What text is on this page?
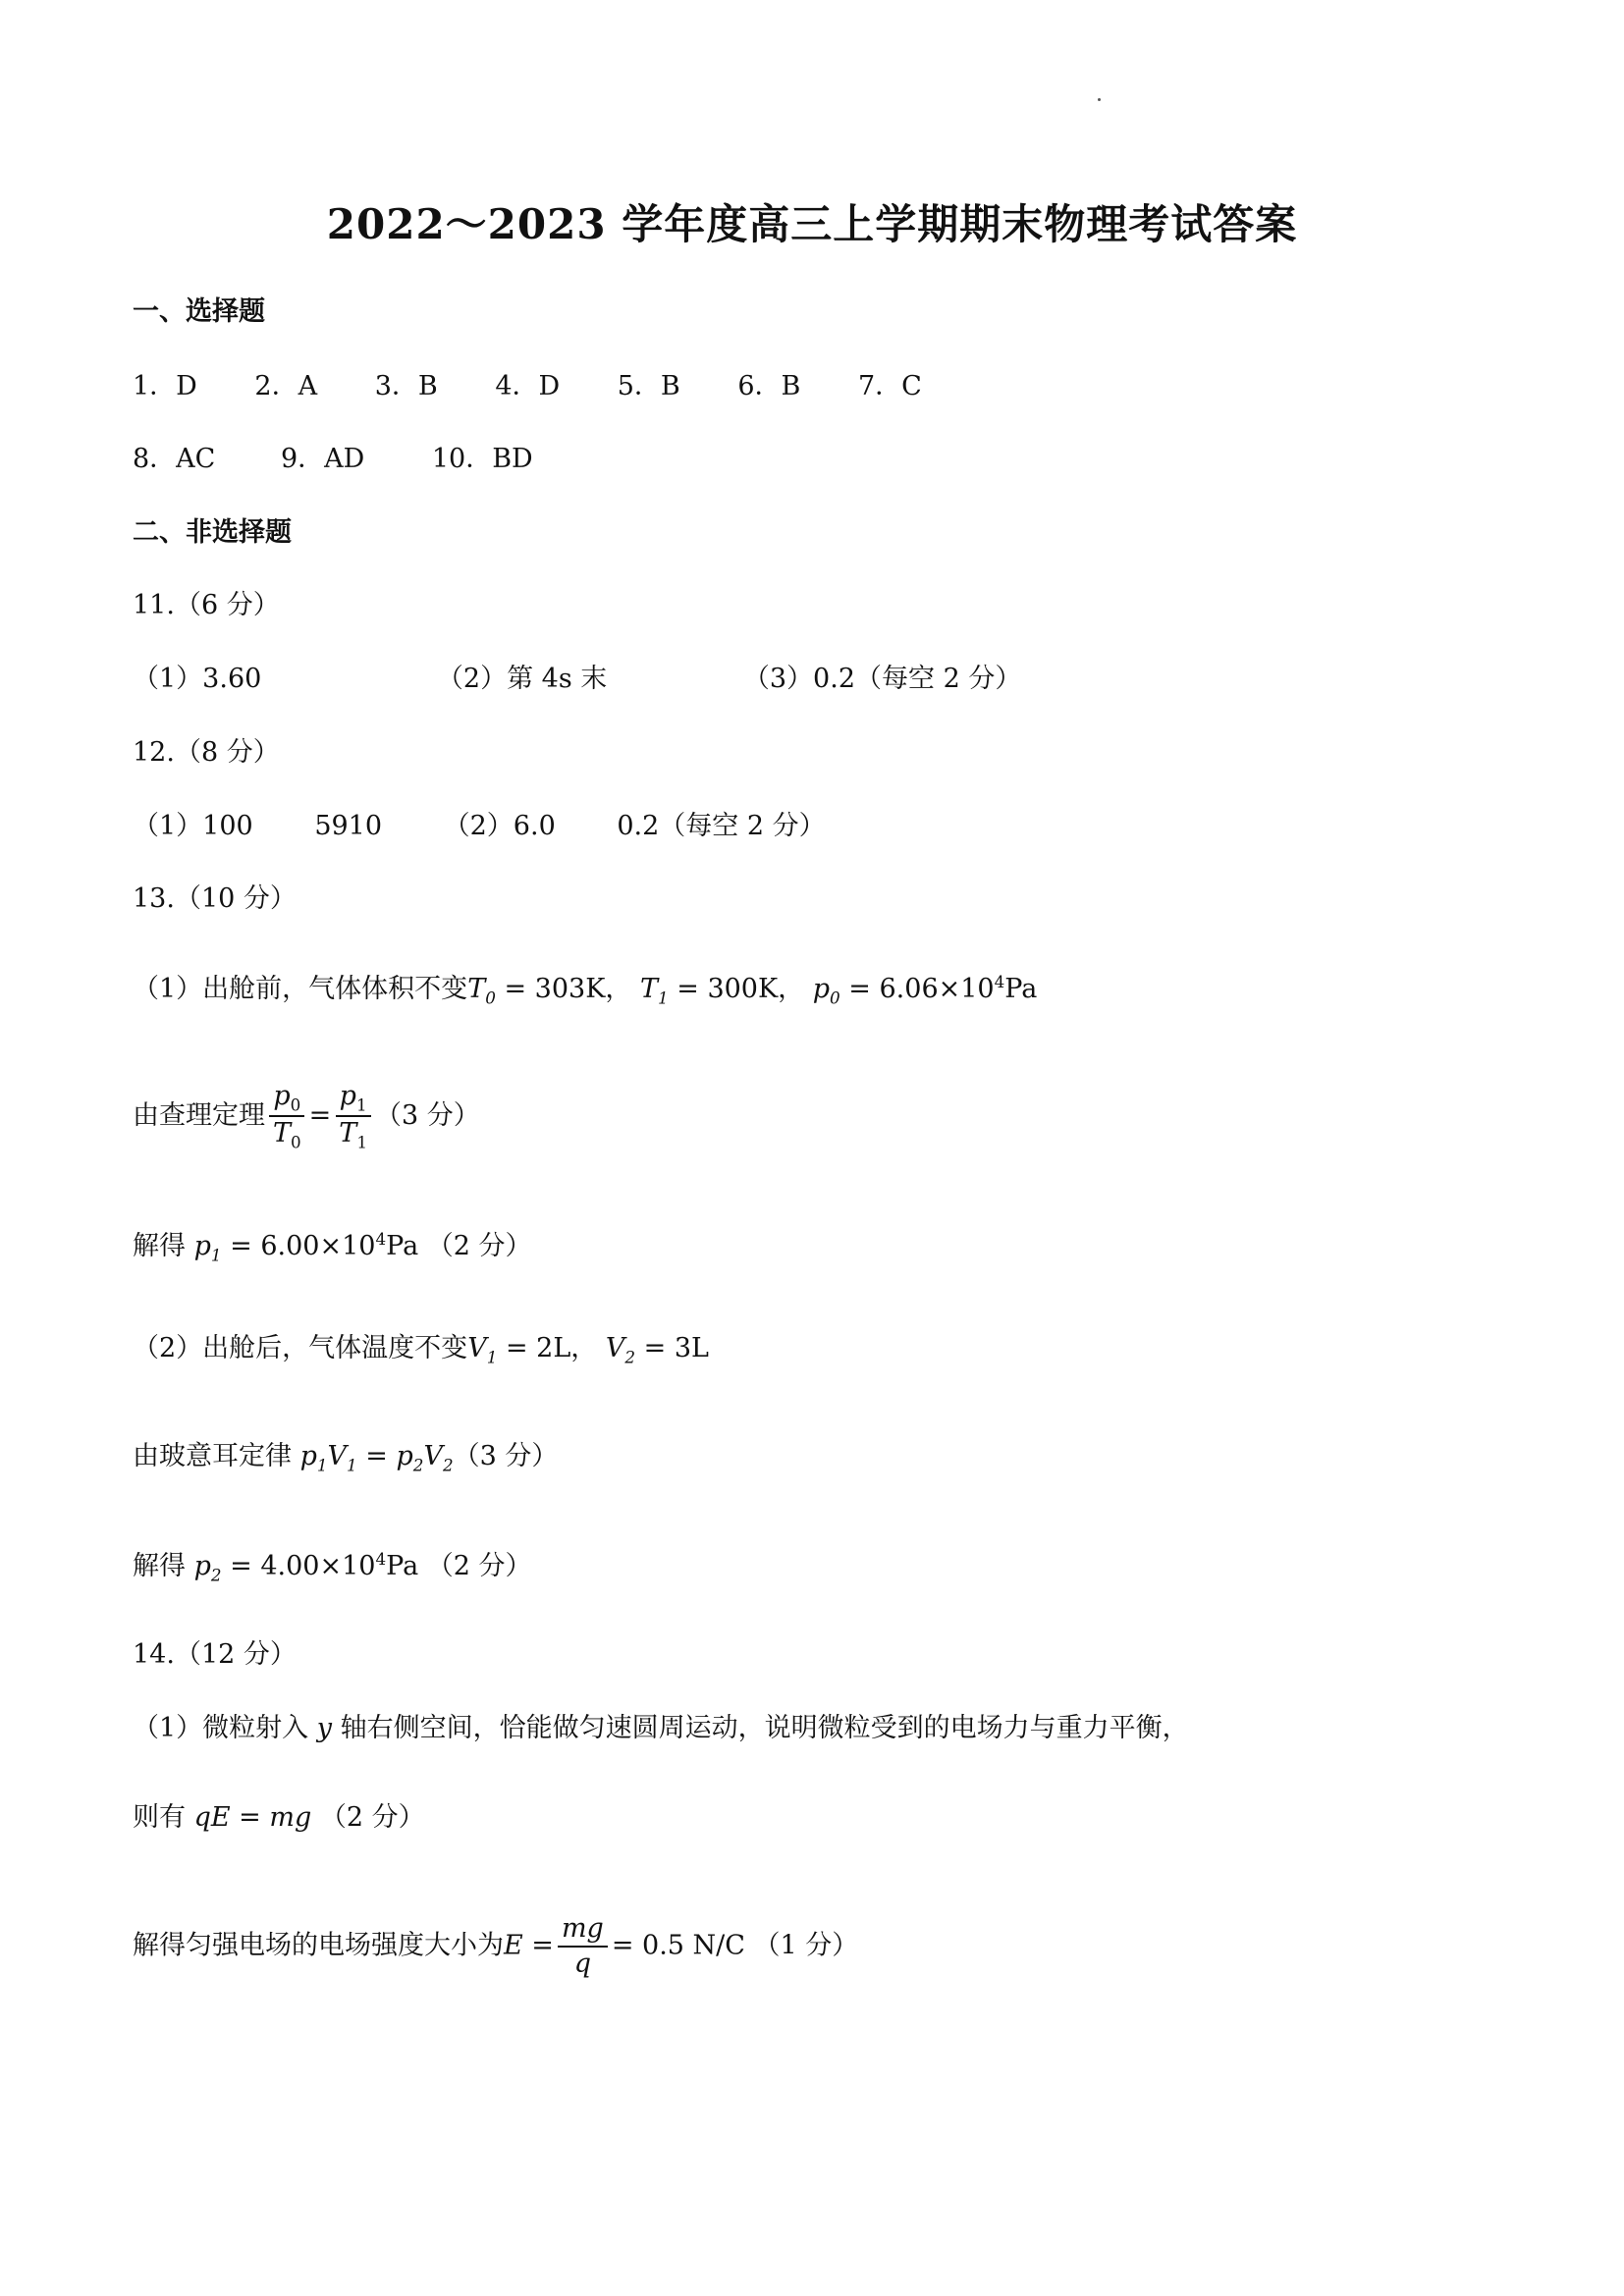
2022～2023 学年度高三上学期期末物理考试答案
一、选择题
1．D 2．A 3．B 4．D 5．B 6．B 7．C
8．AC 9．AD	10．BD
二、非选择题
11.（6 分）
（1）3.60	（2）第 4s 末	（3）0.2（每空 2 分）
12.（8 分）
（1）100 5910 （2）6.0 0.2（每空 2 分）
13.（10 分）
（1）出舱前，气体体积不变$T_0 = 303K$， $T_1 = 300K$， $p_0 = 6.06\times 10^4Pa$
由查理定理 $\frac{p_0}{T_0} = \frac{p_1}{T_1} (3$ 分）
解得 $p_1 = 6.00\times 10^4Pa$ （2 分）
（2）出舱后，气体温度不变$V_1 = 2L$， $V_2 = 3L$
由玻意耳定律 $p_1V_1 = p_2V_2(3$ 分）
解得 $p_2 = 4.00\times 10^4Pa$ （2 分）
14.（12 分）
（1）微粒射入 y 轴右侧空间，恰能做匀速圆周运动，说明微粒受到的电场力与重力平衡，
则有 qE = mg （2 分）
解得匀强电场的电场强度大小为$E = \frac{mg}{q} = 0.5$ N/C （1 分）
